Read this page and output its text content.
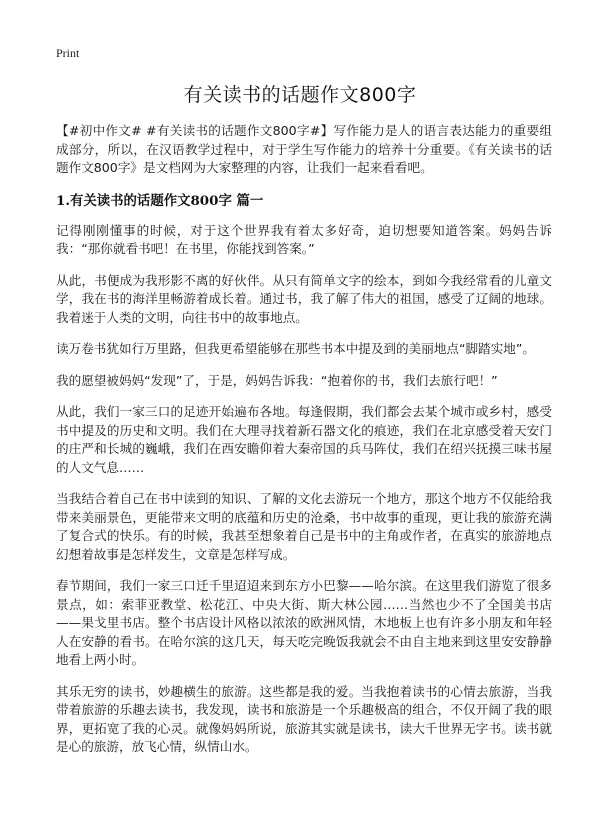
Print
有关读书的话题作文800字

【#初中作文# #有关读书的话题作文800字#】写作能力是人的语言表达能力的重要组成部分，所以，在汉语教学过程中，对于学生写作能力的培养十分重要。《有关读书的话题作文800字》是文档网为大家整理的内容，让我们一起来看看吧。

1.有关读书的话题作文800字 篇一

记得刚刚懂事的时候，对于这个世界我有着太多好奇，迫切想要知道答案。妈妈告诉我：“那你就看书吧！在书里，你能找到答案。”

从此，书便成为我形影不离的好伙伴。从只有简单文字的绘本，到如今我经常看的儿童文学，我在书的海洋里畅游着成长着。通过书，我了解了伟大的祖国，感受了辽阔的地球。我着迷于人类的文明，向往书中的故事地点。

读万卷书犹如行万里路，但我更希望能够在那些书本中提及到的美丽地点“脚踏实地”。

我的愿望被妈妈“发现”了，于是，妈妈告诉我：“抱着你的书，我们去旅行吧！”

从此，我们一家三口的足迹开始遍布各地。每逢假期，我们都会去某个城市或乡村，感受书中提及的历史和文明。我们在大理寻找着新石器文化的痕迹，我们在北京感受着天安门的庄严和长城的巍峨，我们在西安瞻仰着大秦帝国的兵马阵仗，我们在绍兴抚摸三味书屋的人文气息……

当我结合着自己在书中读到的知识、了解的文化去游玩一个地方，那这个地方不仅能给我带来美丽景色，更能带来文明的底蕴和历史的沧桑，书中故事的重现，更让我的旅游充满了复合式的快乐。有的时候，我甚至想象着自己是书中的主角或作者，在真实的旅游地点幻想着故事是怎样发生，文章是怎样写成。

春节期间，我们一家三口迁千里迢迢来到东方小巴黎——哈尔滨。在这里我们游览了很多景点，如：索菲亚教堂、松花江、中央大街、斯大林公园……当然也少不了全国美书店——果戈里书店。整个书店设计风格以浓浓的欧洲风情，木地板上也有许多小朋友和年轻人在安静的看书。在哈尔滨的这几天，每天吃完晚饭我就会不由自主地来到这里安安静静地看上两小时。

其乐无穷的读书，妙趣横生的旅游。这些都是我的爱。当我抱着读书的心情去旅游，当我带着旅游的乐趣去读书，我发现，读书和旅游是一个乐趣极高的组合，不仅开阔了我的眼界，更拓宽了我的心灵。就像妈妈所说，旅游其实就是读书，读大千世界无字书。读书就是心的旅游，放飞心情，纵情山水。
